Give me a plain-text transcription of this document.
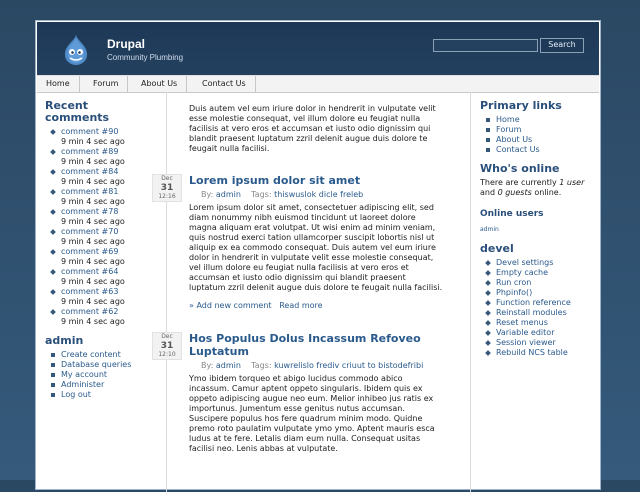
Drupal
Community Plumbing
Search
Home	Forum	About Us	Contact Us
Recent comments
comment #90
9 min 4 sec ago
comment #89
9 min 4 sec ago
comment #84
9 min 4 sec ago
comment #81
9 min 4 sec ago
comment #78
9 min 4 sec ago
comment #70
9 min 4 sec ago
comment #69
9 min 4 sec ago
comment #64
9 min 4 sec ago
comment #63
9 min 4 sec ago
comment #62
9 min 4 sec ago
admin
Create content
Database queries
My account
Administer
Log out
Duis autem vel eum iriure dolor in hendrerit in vulputate velit esse molestie consequat, vel illum dolore eu feugiat nulla facilisis at vero eros et accumsan et iusto odio dignissim qui blandit praesent luptatum zzril delenit augue duis dolore te feugait nulla facilisi.
Dec
31
12:16
Lorem ipsum dolor sit amet
By: admin Tags: thiswuslok dicle freleb
Lorem ipsum dolor sit amet, consectetuer adipiscing elit, sed diam nonummy nibh euismod tincidunt ut laoreet dolore magna aliquam erat volutpat. Ut wisi enim ad minim veniam, quis nostrud exerci tation ullamcorper suscipit lobortis nisl ut aliquip ex ea commodo consequat. Duis autem vel eum iriure dolor in hendrerit in vulputate velit esse molestie consequat, vel illum dolore eu feugiat nulla facilisis at vero eros et accumsan et iusto odio dignissim qui blandit praesent luptatum zzril delenit augue duis dolore te feugait nulla facilisi.
» Add new comment Read more
Dec
31
12:10
Hos Populus Dolus Incassum Refoveo Luptatum
By: admin Tags: kuwrelislo frediv criuut to bistodefribi
Ymo ibidem torqueo et abigo lucidus commodo abico incassum. Camur aptent oppeto singularis. Ibidem quis ex oppeto adipiscing augue neo eum. Melior inhibeo jus ratis ex importunus. Jumentum esse genitus nutus accumsan. Suscipere populus hos fere quadrum minim modo. Quidne premo roto paulatim vulputate ymo ymo. Aptent mauris esca ludus at te fere. Letalis diam eum nulla. Consequat usitas facilisi neo. Lenis abbas at vulputate.
Primary links
Home
Forum
About Us
Contact Us
Who's online
There are currently 1 user and 0 guests online.
Online users
admin
devel
Devel settings
Empty cache
Run cron
Phpinfo()
Function reference
Reinstall modules
Reset menus
Variable editor
Session viewer
Rebuild NCS table
